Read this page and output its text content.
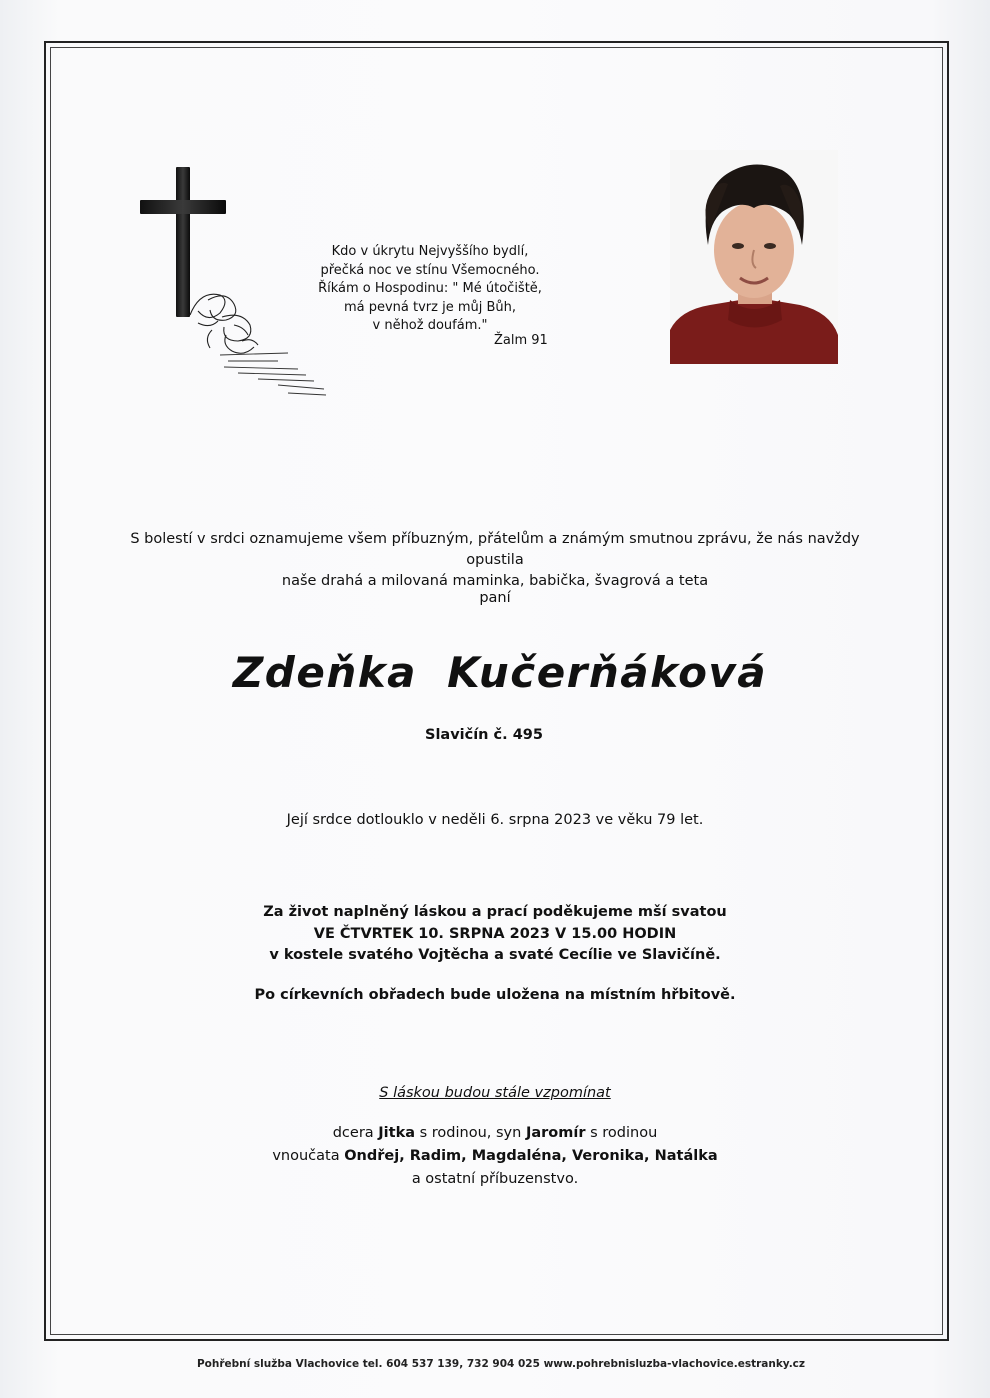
Kdo v úkrytu Nejvyššího bydlí,
přečká noc ve stínu Všemocného.
Říkám o Hospodinu: " Mé útočiště,
má pevná tvrz je můj Bůh,
v něhož doufám."
Žalm 91
S bolestí v srdci oznamujeme všem příbuzným, přátelům a známým smutnou zprávu, že nás navždy opustila
naše drahá a milovaná maminka, babička, švagrová a teta
paní
Zdeňka Kučerňáková
Slavičín č. 495
Její srdce dotlouklo v neděli 6. srpna 2023 ve věku 79 let.
Za život naplněný láskou a prací poděkujeme mší svatou
VE ČTVRTEK 10. SRPNA 2023 V 15.00 HODIN
v kostele svatého Vojtěcha a svaté Cecílie ve Slavičíně.
Po církevních obřadech bude uložena na místním hřbitově.
S láskou budou stále vzpomínat
dcera Jitka s rodinou, syn Jaromír s rodinou
vnoučata Ondřej, Radim, Magdaléna, Veronika, Natálka
a ostatní příbuzenstvo.
Pohřební služba Vlachovice tel. 604 537 139, 732 904 025 www.pohrebnisluzba-vlachovice.estranky.cz
